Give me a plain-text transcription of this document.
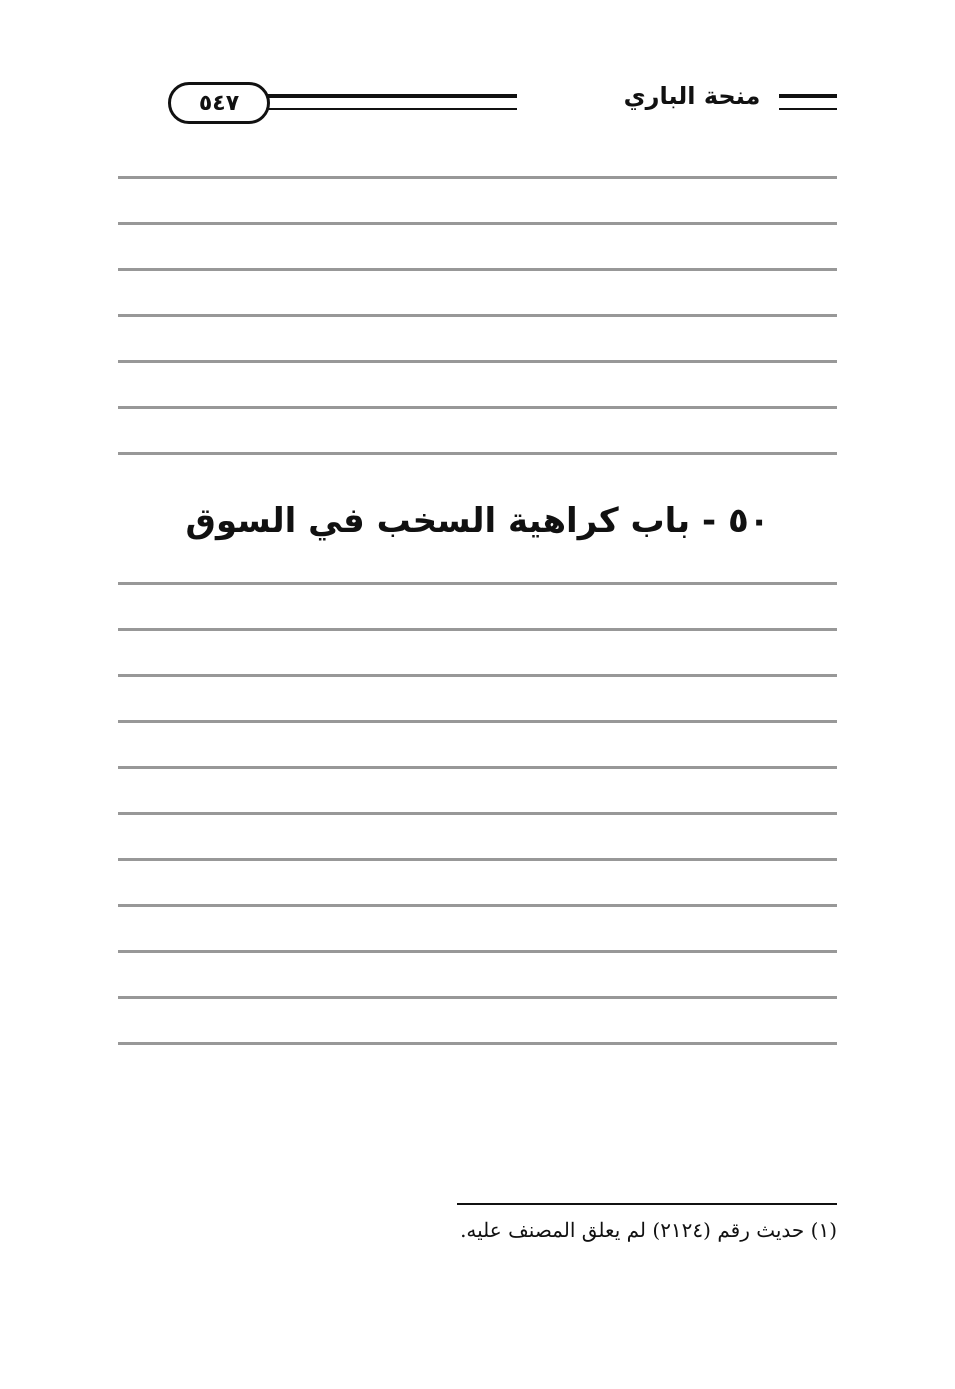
منحة الباري
٥٤٧
٥٠ - باب كراهية السخب في السوق
(١) حديث رقم (٢١٢٤) لم يعلق المصنف عليه.
